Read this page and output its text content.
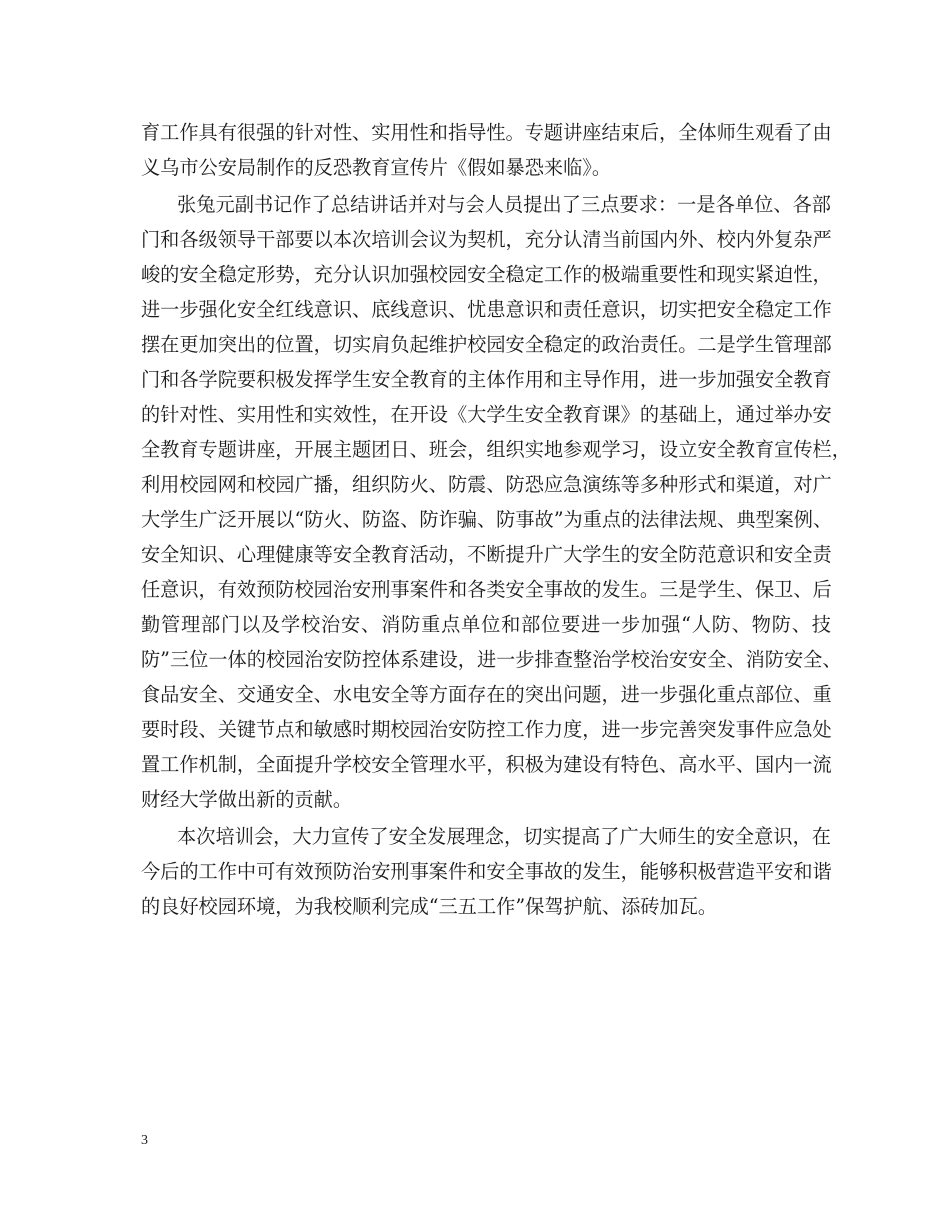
育工作具有很强的针对性、实用性和指导性。专题讲座结束后，全体师生观看了由
义乌市公安局制作的反恐教育宣传片《假如暴恐来临》。
张兔元副书记作了总结讲话并对与会人员提出了三点要求：一是各单位、各部
门和各级领导干部要以本次培训会议为契机，充分认清当前国内外、校内外复杂严
峻的安全稳定形势，充分认识加强校园安全稳定工作的极端重要性和现实紧迫性，
进一步强化安全红线意识、底线意识、忧患意识和责任意识，切实把安全稳定工作
摆在更加突出的位置，切实肩负起维护校园安全稳定的政治责任。二是学生管理部
门和各学院要积极发挥学生安全教育的主体作用和主导作用，进一步加强安全教育
的针对性、实用性和实效性，在开设《大学生安全教育课》的基础上，通过举办安
全教育专题讲座，开展主题团日、班会，组织实地参观学习，设立安全教育宣传栏，
利用校园网和校园广播，组织防火、防震、防恐应急演练等多种形式和渠道，对广
大学生广泛开展以“防火、防盗、防诈骗、防事故”为重点的法律法规、典型案例、
安全知识、心理健康等安全教育活动，不断提升广大学生的安全防范意识和安全责
任意识，有效预防校园治安刑事案件和各类安全事故的发生。三是学生、保卫、后
勤管理部门以及学校治安、消防重点单位和部位要进一步加强“人防、物防、技
防”三位一体的校园治安防控体系建设，进一步排查整治学校治安安全、消防安全、
食品安全、交通安全、水电安全等方面存在的突出问题，进一步强化重点部位、重
要时段、关键节点和敏感时期校园治安防控工作力度，进一步完善突发事件应急处
置工作机制，全面提升学校安全管理水平，积极为建设有特色、高水平、国内一流
财经大学做出新的贡献。
本次培训会，大力宣传了安全发展理念，切实提高了广大师生的安全意识，在
今后的工作中可有效预防治安刑事案件和安全事故的发生，能够积极营造平安和谐
的良好校园环境，为我校顺利完成“三五工作”保驾护航、添砖加瓦。
3
